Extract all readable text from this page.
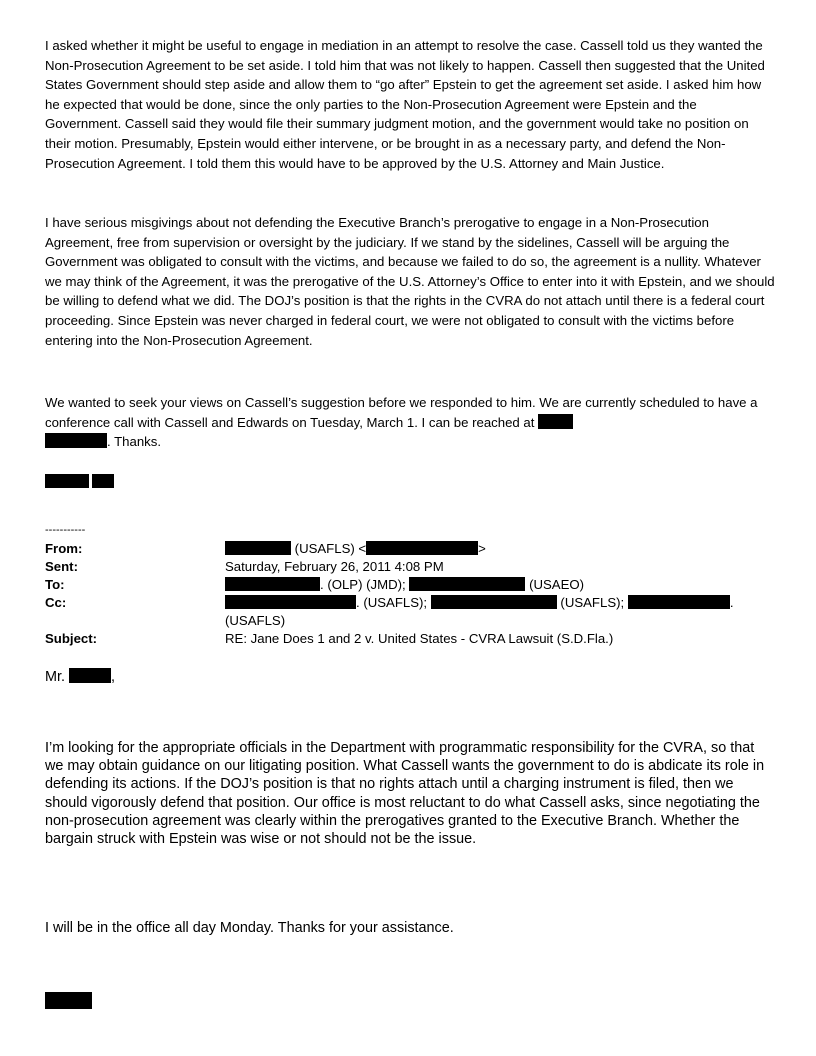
I asked whether it might be useful to engage in mediation in an attempt to resolve the case. Cassell told us they wanted the Non-Prosecution Agreement to be set aside. I told him that was not likely to happen. Cassell then suggested that the United States Government should step aside and allow them to “go after” Epstein to get the agreement set aside. I asked him how he expected that would be done, since the only parties to the Non-Prosecution Agreement were Epstein and the Government. Cassell said they would file their summary judgment motion, and the government would take no position on their motion. Presumably, Epstein would either intervene, or be brought in as a necessary party, and defend the Non-Prosecution Agreement. I told them this would have to be approved by the U.S. Attorney and Main Justice.

I have serious misgivings about not defending the Executive Branch’s prerogative to engage in a Non-Prosecution Agreement, free from supervision or oversight by the judiciary. If we stand by the sidelines, Cassell will be arguing the Government was obligated to consult with the victims, and because we failed to do so, the agreement is a nullity. Whatever we may think of the Agreement, it was the prerogative of the U.S. Attorney’s Office to enter into it with Epstein, and we should be willing to defend what we did. The DOJ’s position is that the rights in the CVRA do not attach until there is a federal court proceeding. Since Epstein was never charged in federal court, we were not obligated to consult with the victims before entering into the Non-Prosecution Agreement.

We wanted to seek your views on Cassell’s suggestion before we responded to him. We are currently scheduled to have a conference call with Cassell and Edwards on Tuesday, March 1. I can be reached at
. Thanks.

-----------
From:	(USAFLS) <	>
Sent:	Saturday, February 26, 2011 4:08 PM
To:	. (OLP) (JMD);	(USAEO)
Cc:	. (USAFLS);	(USAFLS);	.
(USAFLS)
Subject:	RE: Jane Does 1 and 2 v. United States - CVRA Lawsuit (S.D.Fla.)
Mr.	,

I’m looking for the appropriate officials in the Department with programmatic responsibility for the CVRA, so that we may obtain guidance on our litigating position. What Cassell wants the government to do is abdicate its role in defending its actions. If the DOJ’s position is that no rights attach until a charging instrument is filed, then we should vigorously defend that position. Our office is most reluctant to do what Cassell asks, since negotiating the non-prosecution agreement was clearly within the prerogatives granted to the Executive Branch. Whether the bargain struck with Epstein was wise or not should not be the issue.

I will be in the office all day Monday. Thanks for your assistance.
